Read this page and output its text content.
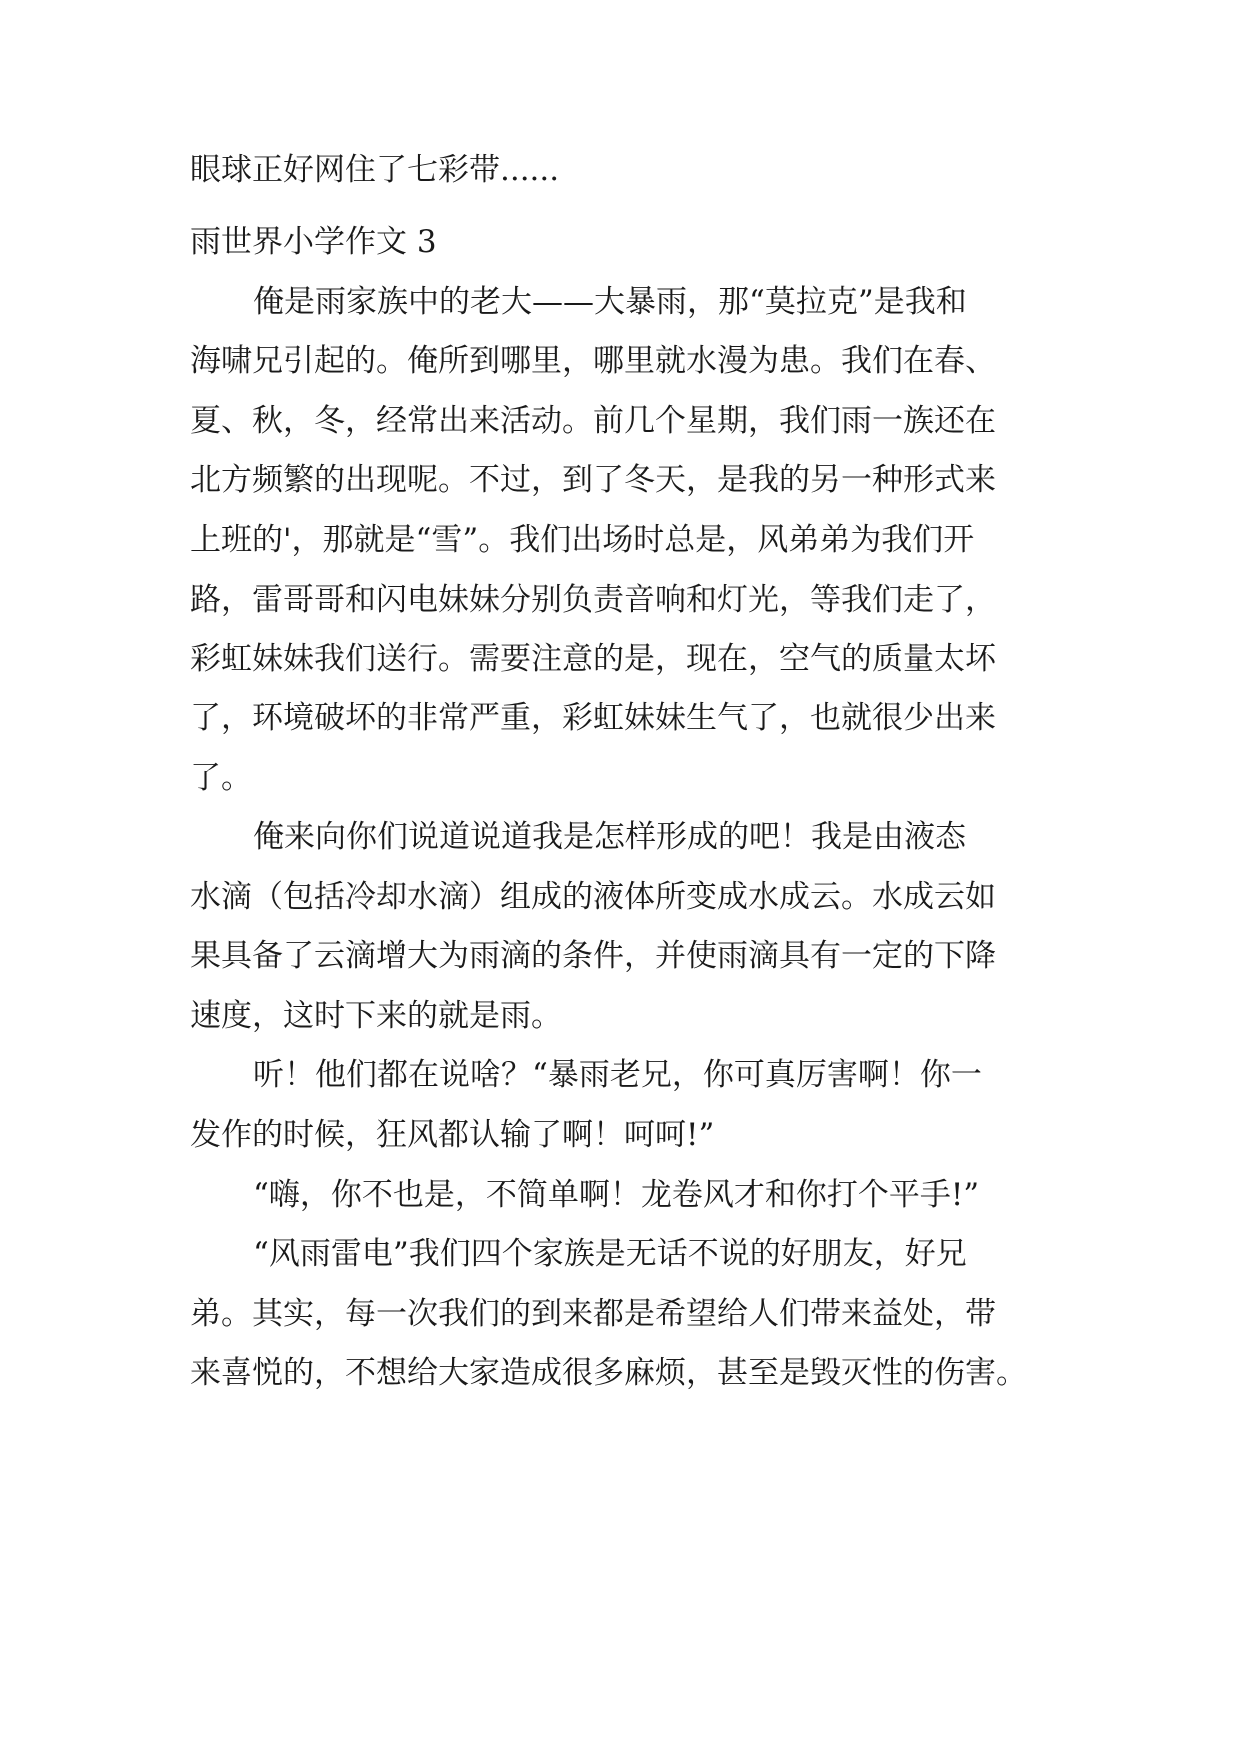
眼球正好网住了七彩带......
雨世界小学作文 3
俺是雨家族中的老大——大暴雨，那“莫拉克”是我和
海啸兄引起的。俺所到哪里，哪里就水漫为患。我们在春、
夏、秋，冬，经常出来活动。前几个星期，我们雨一族还在
北方频繁的出现呢。不过，到了冬天，是我的另一种形式来
上班的'，那就是“雪”。我们出场时总是，风弟弟为我们开
路，雷哥哥和闪电妹妹分别负责音响和灯光，等我们走了，
彩虹妹妹我们送行。需要注意的是，现在，空气的质量太坏
了，环境破坏的非常严重，彩虹妹妹生气了，也就很少出来
了。
俺来向你们说道说道我是怎样形成的吧！我是由液态
水滴（包括冷却水滴）组成的液体所变成水成云。水成云如
果具备了云滴增大为雨滴的条件，并使雨滴具有一定的下降
速度，这时下来的就是雨。
听！他们都在说啥？“暴雨老兄，你可真厉害啊！你一
发作的时候，狂风都认输了啊！呵呵!”
“嗨，你不也是，不简单啊！龙卷风才和你打个平手!”
“风雨雷电”我们四个家族是无话不说的好朋友，好兄
弟。其实，每一次我们的到来都是希望给人们带来益处，带
来喜悦的，不想给大家造成很多麻烦，甚至是毁灭性的伤害。
